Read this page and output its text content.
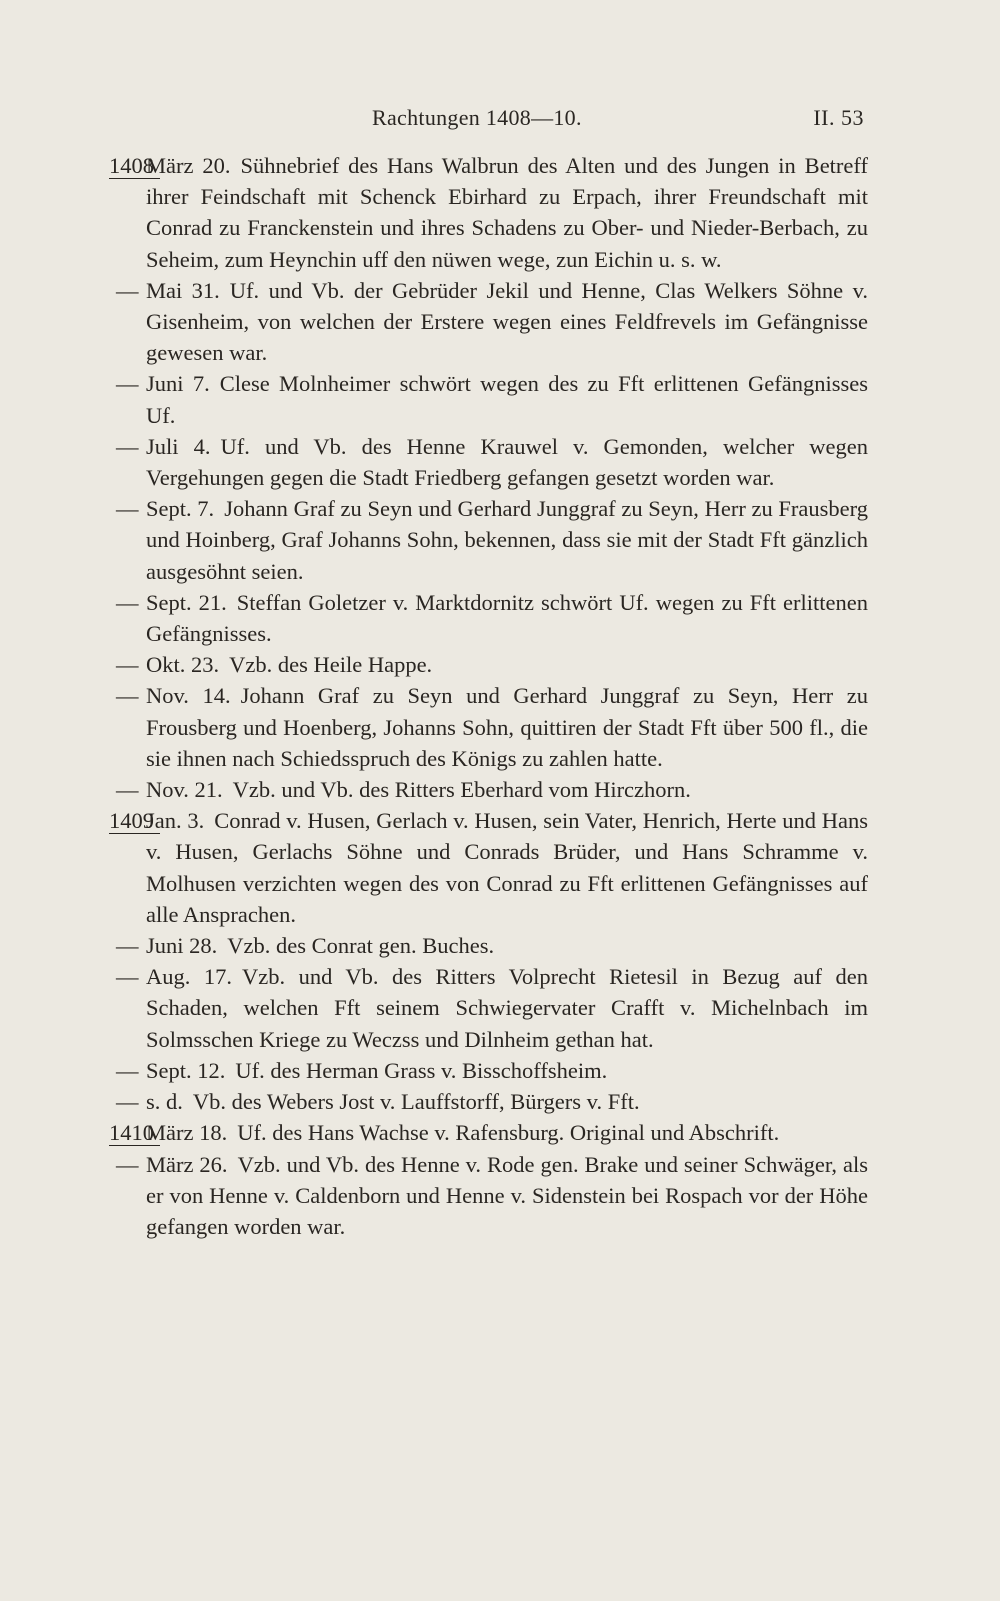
Rachtungen 1408—10.	II. 53
1408
März 20. Sühnebrief des Hans Walbrun des Alten und des Jungen in Betreff ihrer Feindschaft mit Schenck Ebirhard zu Erpach, ihrer Freundschaft mit Conrad zu Franckenstein und ihres Schadens zu Ober- und Nieder-Berbach, zu Seheim, zum Heynchin uff den nüwen wege, zun Eichin u. s. w.
— Mai 31. Uf. und Vb. der Gebrüder Jekil und Henne, Clas Welkers Söhne v. Gisenheim, von welchen der Erstere wegen eines Feldfrevels im Gefängnisse gewesen war.
— Juni 7. Clese Molnheimer schwört wegen des zu Fft erlittenen Gefängnisses Uf.
— Juli 4. Uf. und Vb. des Henne Krauwel v. Gemonden, welcher wegen Vergehungen gegen die Stadt Friedberg gefangen gesetzt worden war.
— Sept. 7. Johann Graf zu Seyn und Gerhard Junggraf zu Seyn, Herr zu Frausberg und Hoinberg, Graf Johanns Sohn, bekennen, dass sie mit der Stadt Fft gänzlich ausgesöhnt seien.
— Sept. 21. Steffan Goletzer v. Marktdornitz schwört Uf. wegen zu Fft erlittenen Gefängnisses.
— Okt. 23. Vzb. des Heile Happe.
— Nov. 14. Johann Graf zu Seyn und Gerhard Junggraf zu Seyn, Herr zu Frousberg und Hoenberg, Johanns Sohn, quittiren der Stadt Fft über 500 fl., die sie ihnen nach Schiedsspruch des Königs zu zahlen hatte.
— Nov. 21. Vzb. und Vb. des Ritters Eberhard vom Hirczhorn.
1409
Jan. 3. Conrad v. Husen, Gerlach v. Husen, sein Vater, Henrich, Herte und Hans v. Husen, Gerlachs Söhne und Conrads Brüder, und Hans Schramme v. Molhusen verzichten wegen des von Conrad zu Fft erlittenen Gefängnisses auf alle Ansprachen.
— Juni 28. Vzb. des Conrat gen. Buches.
— Aug. 17. Vzb. und Vb. des Ritters Volprecht Rietesil in Bezug auf den Schaden, welchen Fft seinem Schwiegervater Crafft v. Michelnbach im Solmsschen Kriege zu Weczss und Dilnheim gethan hat.
— Sept. 12. Uf. des Herman Grass v. Bisschoffsheim.
— s. d. Vb. des Webers Jost v. Lauffstorff, Bürgers v. Fft.
1410
März 18. Uf. des Hans Wachse v. Rafensburg. Original und Abschrift.
— März 26. Vzb. und Vb. des Henne v. Rode gen. Brake und seiner Schwäger, als er von Henne v. Caldenborn und Henne v. Sidenstein bei Rospach vor der Höhe gefangen worden war.
